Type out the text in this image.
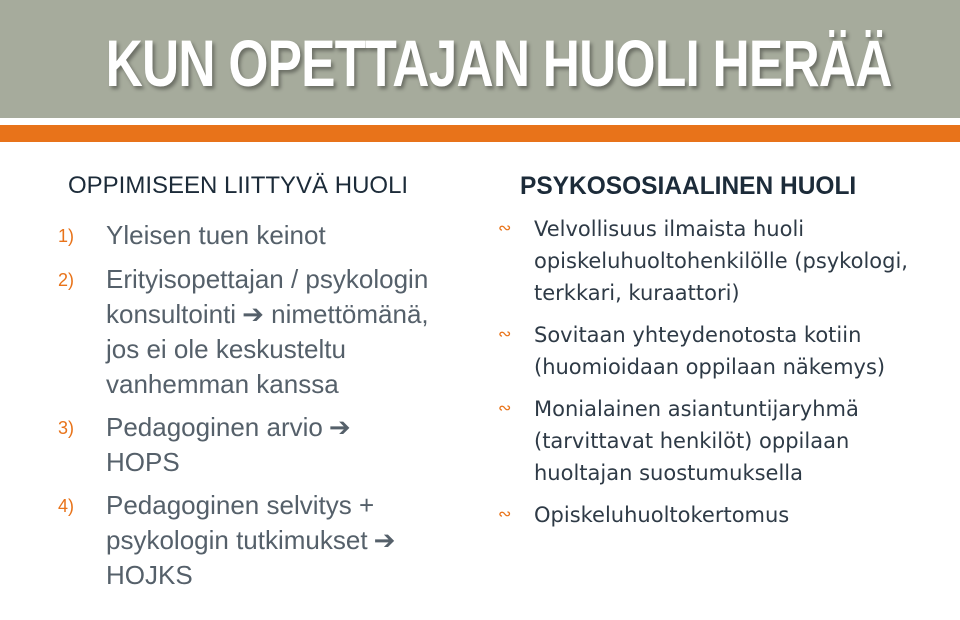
KUN OPETTAJAN HUOLI HERÄÄ
OPPIMISEEN LIITTYVÄ HUOLI
1)	Yleisen tuen keinot
2)	Erityisopettajan / psykologin konsultointi ➔ nimettömänä, jos ei ole keskusteltu vanhemman kanssa
3)	Pedagoginen arvio ➔
HOPS
4)	Pedagoginen selvitys + psykologin tutkimukset ➔
HOJKS
PSYKOSOSIAALINEN HUOLI
∾	Velvollisuus ilmaista huoli opiskeluhuoltohenkilölle (psykologi, terkkari, kuraattori)
∾	Sovitaan yhteydenotosta kotiin (huomioidaan oppilaan näkemys)
∾	Monialainen asiantuntijaryhmä (tarvittavat henkilöt) oppilaan huoltajan suostumuksella
∾	Opiskeluhuoltokertomus
